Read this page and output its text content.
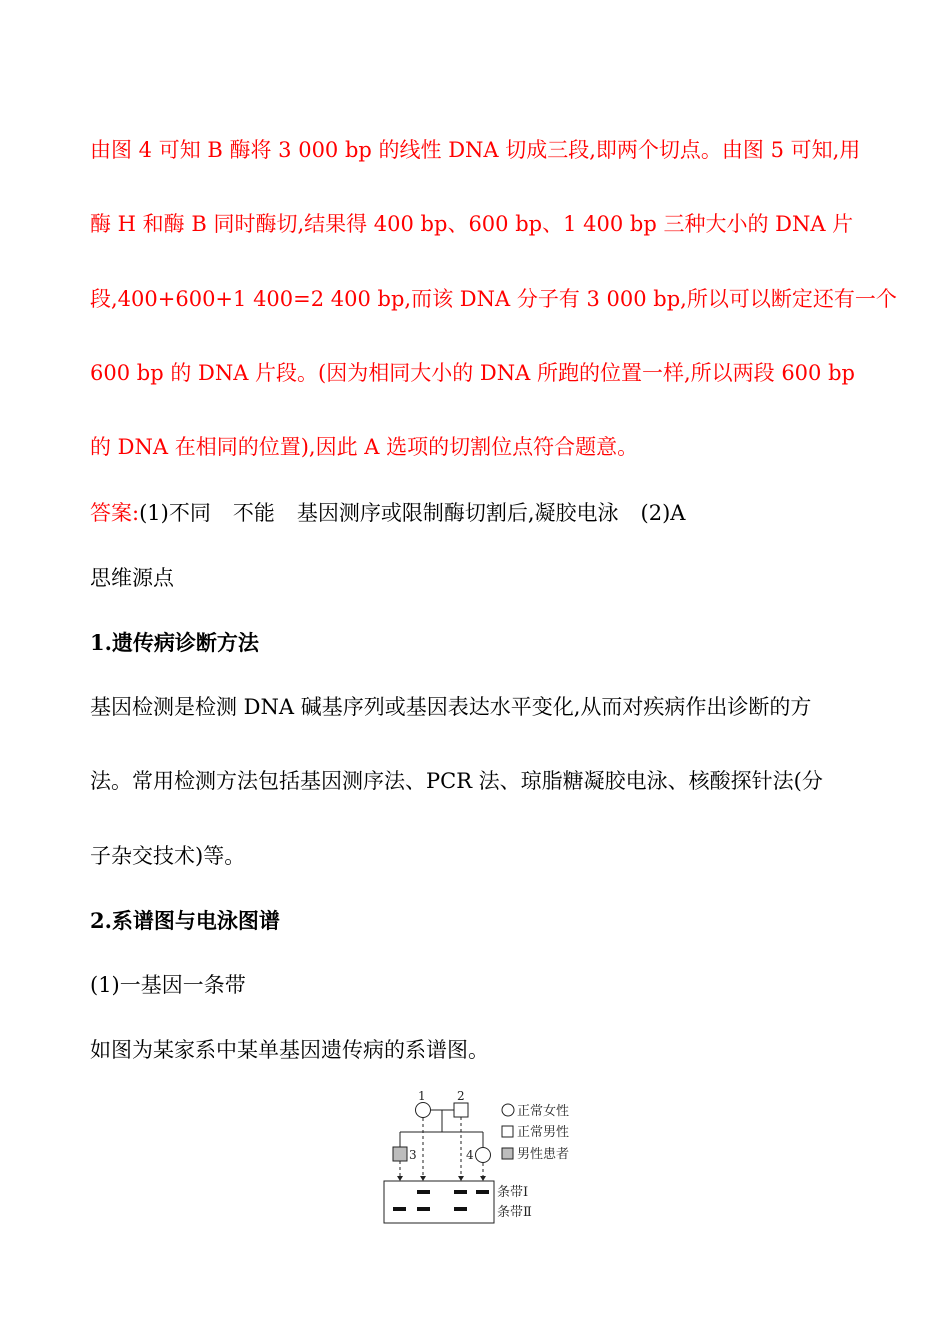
由图 4 可知 B 酶将 3 000 bp 的线性 DNA 切成三段,即两个切点。由图 5 可知,用
酶 H 和酶 B 同时酶切,结果得 400 bp、600 bp、1 400 bp 三种大小的 DNA 片
段,400+600+1 400=2 400 bp,而该 DNA 分子有 3 000 bp,所以可以断定还有一个
600 bp 的 DNA 片段。(因为相同大小的 DNA 所跑的位置一样,所以两段 600 bp
的 DNA 在相同的位置),因此 A 选项的切割位点符合题意。
答案:(1)不同 不能 基因测序或限制酶切割后,凝胶电泳 (2)A
思维源点
1.遗传病诊断方法
基因检测是检测 DNA 碱基序列或基因表达水平变化,从而对疾病作出诊断的方
法。常用检测方法包括基因测序法、PCR 法、琼脂糖凝胶电泳、核酸探针法(分
子杂交技术)等。
2.系谱图与电泳图谱
(1)一基因一条带
如图为某家系中某单基因遗传病的系谱图。
1	2
3	4
正常女性
正常男性
男性患者
条带Ⅰ
条带Ⅱ
